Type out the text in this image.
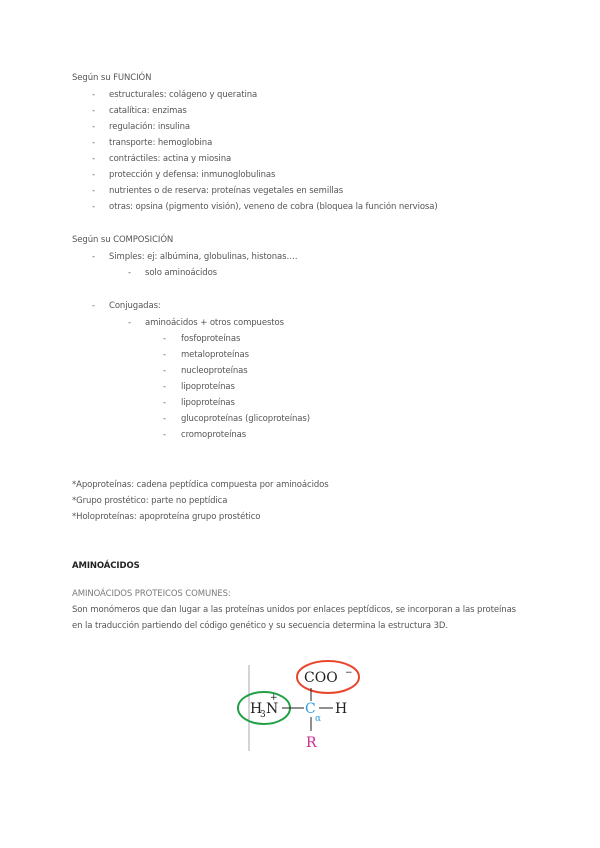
Según su FUNCIÓN
- estructurales: colágeno y queratina
- catalítica: enzimas
- regulación: insulina
- transporte: hemoglobina
- contráctiles: actina y miosina
- protección y defensa: inmunoglobulinas
- nutrientes o de reserva: proteínas vegetales en semillas
- otras: opsina (pigmento visión), veneno de cobra (bloquea la función nerviosa)
Según su COMPOSICIÓN
- Simples: ej: albúmina, globulinas, histonas….
- solo aminoácidos
- Conjugadas:
- aminoácidos + otros compuestos
- fosfoproteínas
- metaloproteínas
- nucleoproteínas
- lipoproteínas
- lipoproteínas
- glucoproteínas (glicoproteínas)
- cromoproteínas
*Apoproteínas: cadena peptídica compuesta por aminoácidos
*Grupo prostético: parte no peptídica
*Holoproteínas: apoproteína grupo prostético
AMINOÁCIDOS
AMINOÁCIDOS PROTEICOS COMUNES:
Son monómeros que dan lugar a las proteínas unidos por enlaces peptídicos, se incorporan a las proteínas
en la traducción partiendo del código genético y su secuencia determina la estructura 3D.
COO −
H
3 N
+
C
α
H
R
